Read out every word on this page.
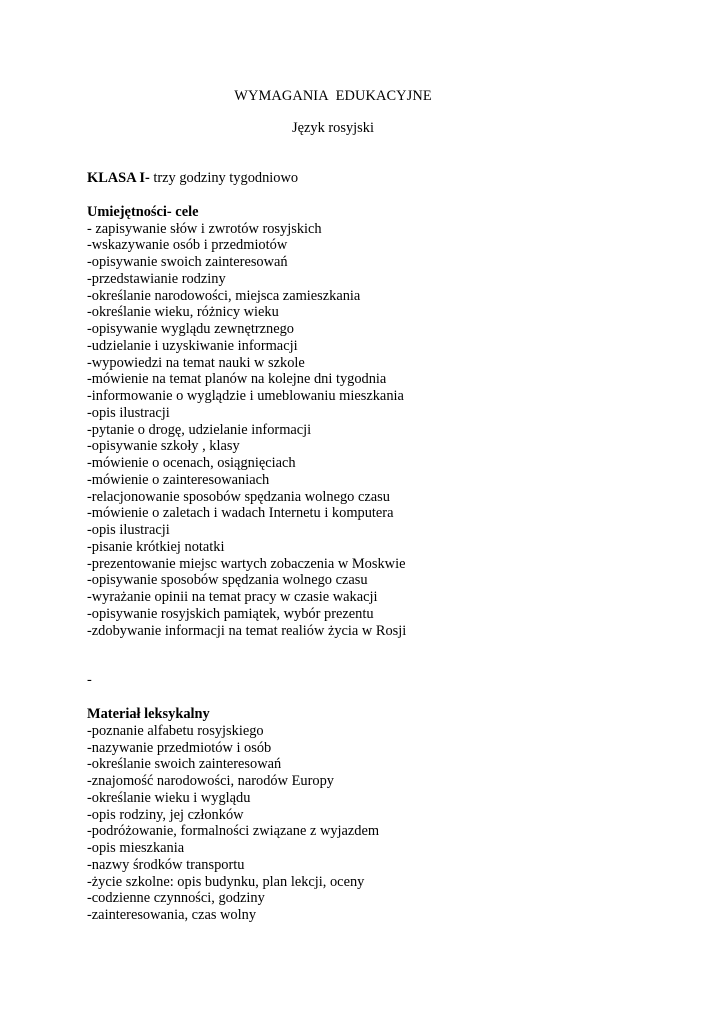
WYMAGANIA EDUKACYJNE
Język rosyjski
KLASA I- trzy godziny tygodniowo
Umiejętności- cele
- zapisywanie słów i zwrotów rosyjskich
-wskazywanie osób i przedmiotów
-opisywanie swoich zainteresowań
-przedstawianie rodziny
-określanie narodowości, miejsca zamieszkania
-określanie wieku, różnicy wieku
-opisywanie wyglądu zewnętrznego
-udzielanie i uzyskiwanie informacji
-wypowiedzi na temat nauki w szkole
-mówienie na temat planów na kolejne dni tygodnia
-informowanie o wyglądzie i umeblowaniu mieszkania
-opis ilustracji
-pytanie o drogę, udzielanie informacji
-opisywanie szkoły , klasy
-mówienie o ocenach, osiągnięciach
-mówienie o zainteresowaniach
-relacjonowanie sposobów spędzania wolnego czasu
-mówienie o zaletach i wadach Internetu i komputera
-opis ilustracji
-pisanie krótkiej notatki
-prezentowanie miejsc wartych zobaczenia w Moskwie
-opisywanie sposobów spędzania wolnego czasu
-wyrażanie opinii na temat pracy w czasie wakacji
-opisywanie rosyjskich pamiątek, wybór prezentu
-zdobywanie informacji na temat realiów życia w Rosji
-
Materiał leksykalny
-poznanie alfabetu rosyjskiego
-nazywanie przedmiotów i osób
-określanie swoich zainteresowań
-znajomość narodowości, narodów Europy
-określanie wieku i wyglądu
-opis rodziny, jej członków
-podróżowanie, formalności związane z wyjazdem
-opis mieszkania
-nazwy środków transportu
-życie szkolne: opis budynku, plan lekcji, oceny
-codzienne czynności, godziny
-zainteresowania, czas wolny
